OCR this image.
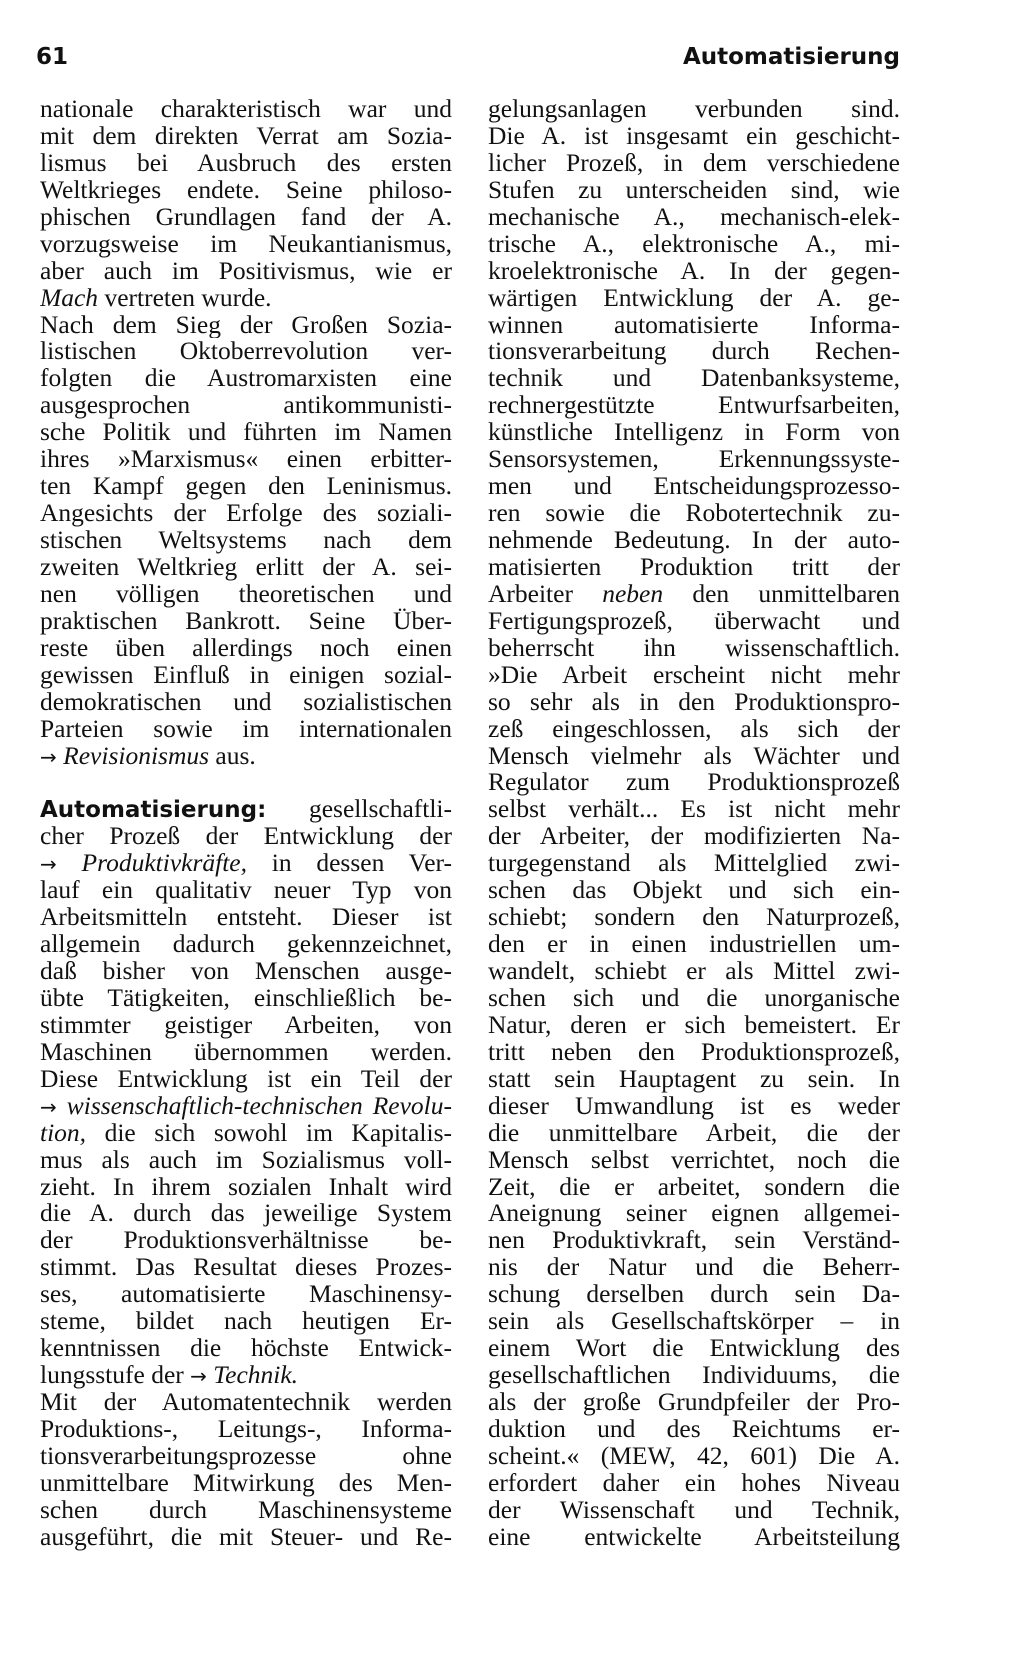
61	Automatisierung
nationale charakteristisch war und
mit dem direkten Verrat am Sozia-
lismus bei Ausbruch des ersten
Weltkrieges endete. Seine philoso-
phischen Grundlagen fand der A.
vorzugsweise im Neukantianismus,
aber auch im Positivismus, wie er
Mach vertreten wurde.
Nach dem Sieg der Großen Sozia-
listischen Oktoberrevolution ver-
folgten die Austromarxisten eine
ausgesprochen antikommunisti-
sche Politik und führten im Namen
ihres »Marxismus« einen erbitter-
ten Kampf gegen den Leninismus.
Angesichts der Erfolge des soziali-
stischen Weltsystems nach dem
zweiten Weltkrieg erlitt der A. sei-
nen völligen theoretischen und
praktischen Bankrott. Seine Über-
reste üben allerdings noch einen
gewissen Einfluß in einigen sozial-
demokratischen und sozialistischen
Parteien sowie im internationalen
→ Revisionismus aus.
Automatisierung: gesellschaftli-
cher Prozeß der Entwicklung der
→ Produktivkräfte, in dessen Ver-
lauf ein qualitativ neuer Typ von
Arbeitsmitteln entsteht. Dieser ist
allgemein dadurch gekennzeichnet,
daß bisher von Menschen ausge-
übte Tätigkeiten, einschließlich be-
stimmter geistiger Arbeiten, von
Maschinen übernommen werden.
Diese Entwicklung ist ein Teil der
→ wissenschaftlich-technischen Revolu-
tion, die sich sowohl im Kapitalis-
mus als auch im Sozialismus voll-
zieht. In ihrem sozialen Inhalt wird
die A. durch das jeweilige System
der Produktionsverhältnisse be-
stimmt. Das Resultat dieses Prozes-
ses, automatisierte Maschinensy-
steme, bildet nach heutigen Er-
kenntnissen die höchste Entwick-
lungsstufe der → Technik.
Mit der Automatentechnik werden
Produktions-, Leitungs-, Informa-
tionsverarbeitungsprozesse ohne
unmittelbare Mitwirkung des Men-
schen durch Maschinensysteme
ausgeführt, die mit Steuer- und Re-
gelungsanlagen verbunden sind.
Die A. ist insgesamt ein geschicht-
licher Prozeß, in dem verschiedene
Stufen zu unterscheiden sind, wie
mechanische A., mechanisch-elek-
trische A., elektronische A., mi-
kroelektronische A. In der gegen-
wärtigen Entwicklung der A. ge-
winnen automatisierte Informa-
tionsverarbeitung durch Rechen-
technik und Datenbanksysteme,
rechnergestützte Entwurfsarbeiten,
künstliche Intelligenz in Form von
Sensorsystemen, Erkennungssyste-
men und Entscheidungsprozesso-
ren sowie die Robotertechnik zu-
nehmende Bedeutung. In der auto-
matisierten Produktion tritt der
Arbeiter neben den unmittelbaren
Fertigungsprozeß, überwacht und
beherrscht ihn wissenschaftlich.
»Die Arbeit erscheint nicht mehr
so sehr als in den Produktionspro-
zeß eingeschlossen, als sich der
Mensch vielmehr als Wächter und
Regulator zum Produktionsprozeß
selbst verhält... Es ist nicht mehr
der Arbeiter, der modifizierten Na-
turgegenstand als Mittelglied zwi-
schen das Objekt und sich ein-
schiebt; sondern den Naturprozeß,
den er in einen industriellen um-
wandelt, schiebt er als Mittel zwi-
schen sich und die unorganische
Natur, deren er sich bemeistert. Er
tritt neben den Produktionsprozeß,
statt sein Hauptagent zu sein. In
dieser Umwandlung ist es weder
die unmittelbare Arbeit, die der
Mensch selbst verrichtet, noch die
Zeit, die er arbeitet, sondern die
Aneignung seiner eignen allgemei-
nen Produktivkraft, sein Verständ-
nis der Natur und die Beherr-
schung derselben durch sein Da-
sein als Gesellschaftskörper – in
einem Wort die Entwicklung des
gesellschaftlichen Individuums, die
als der große Grundpfeiler der Pro-
duktion und des Reichtums er-
scheint.« (MEW, 42, 601) Die A.
erfordert daher ein hohes Niveau
der Wissenschaft und Technik,
eine entwickelte Arbeitsteilung
